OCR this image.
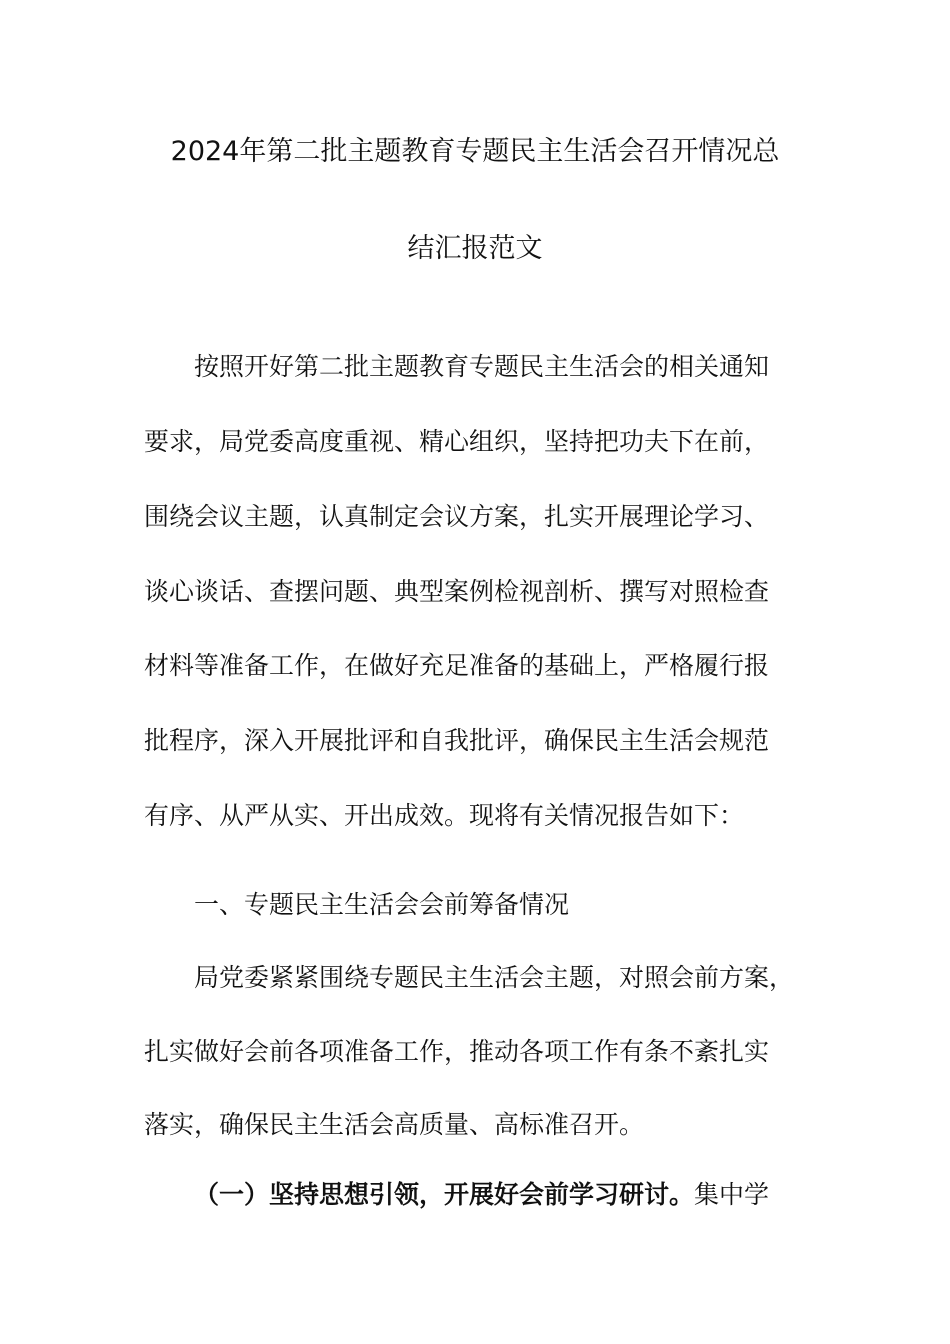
2024年第二批主题教育专题民主生活会召开情况总
结汇报范文
按照开好第二批主题教育专题民主生活会的相关通知
要求，局党委高度重视、精心组织，坚持把功夫下在前，
围绕会议主题，认真制定会议方案，扎实开展理论学习、
谈心谈话、查摆问题、典型案例检视剖析、撰写对照检查
材料等准备工作，在做好充足准备的基础上，严格履行报
批程序，深入开展批评和自我批评，确保民主生活会规范
有序、从严从实、开出成效。现将有关情况报告如下：
一、专题民主生活会会前筹备情况
局党委紧紧围绕专题民主生活会主题，对照会前方案，
扎实做好会前各项准备工作，推动各项工作有条不紊扎实
落实，确保民主生活会高质量、高标准召开。
（一）坚持思想引领，开展好会前学习研讨。集中学
